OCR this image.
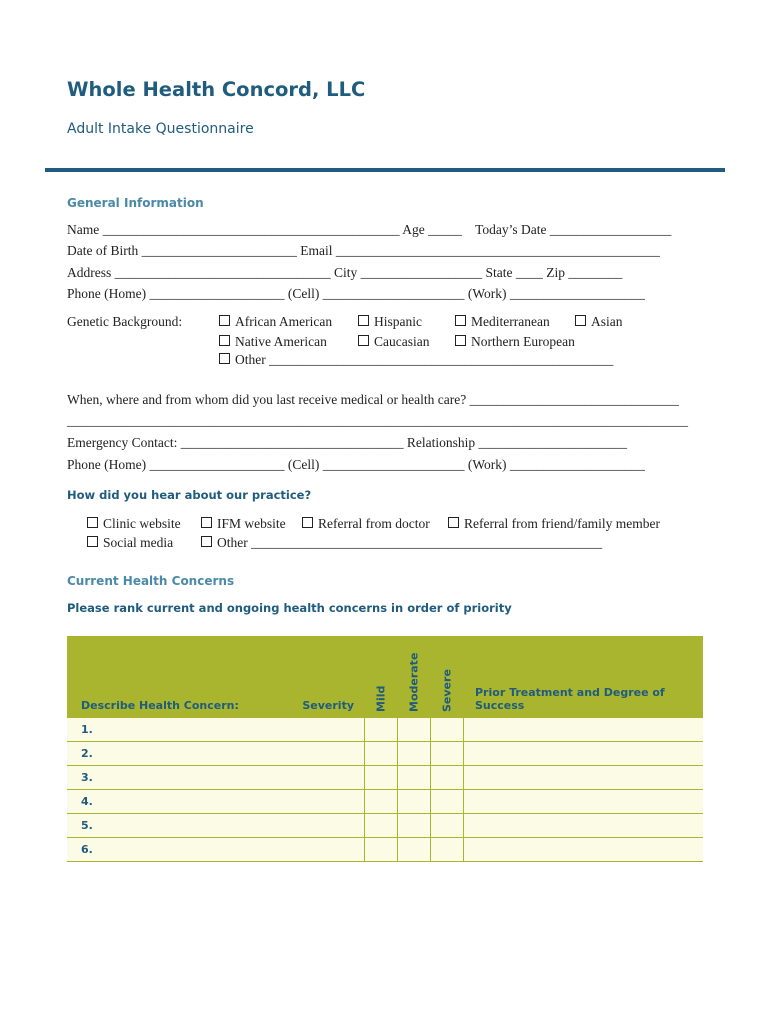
Whole Health Concord, LLC
Adult Intake Questionnaire
General Information
Name ____________________________________________ Age _____    Today’s Date __________________
Date of Birth _______________________ Email ________________________________________________
Address ________________________________ City __________________ State ____ Zip ________
Phone (Home) ____________________ (Cell) _____________________ (Work) ____________________
Genetic Background:	African American	Hispanic	Mediterranean	Asian
Native American	Caucasian	Northern European
Other ___________________________________________________
When, where and from whom did you last receive medical or health care? _______________________________
____________________________________________________________________________________________
Emergency Contact: _________________________________ Relationship ______________________
Phone (Home) ____________________ (Cell) _____________________ (Work) ____________________
How did you hear about our practice?
Clinic website	IFM website	Referral from doctor	Referral from friend/family member
Social media	Other ____________________________________________________
Current Health Concerns
Please rank current and ongoing health concerns in order of priority
Describe Health Concern:	Severity	Mild	Moderate	Severe	Prior Treatment and Degree of Success
1.					
2.					
3.					
4.					
5.					
6.					
